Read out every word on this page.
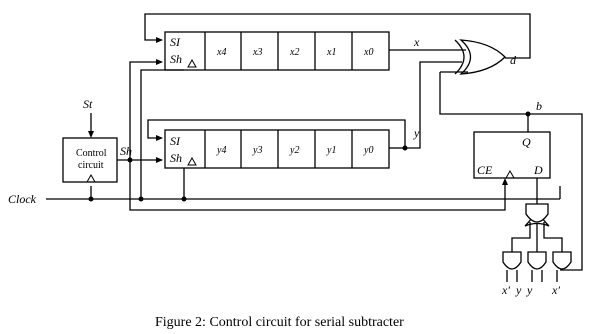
SI
Sh	x4	x3	x2	x1	x0
SI
Sh
y4	y3	y2	y1	y0
x
y
d
b
Q
CE	D
Control
circuit
St
Sh
Clock
x′ y y x′
Figure 2: Control circuit for serial subtracter
